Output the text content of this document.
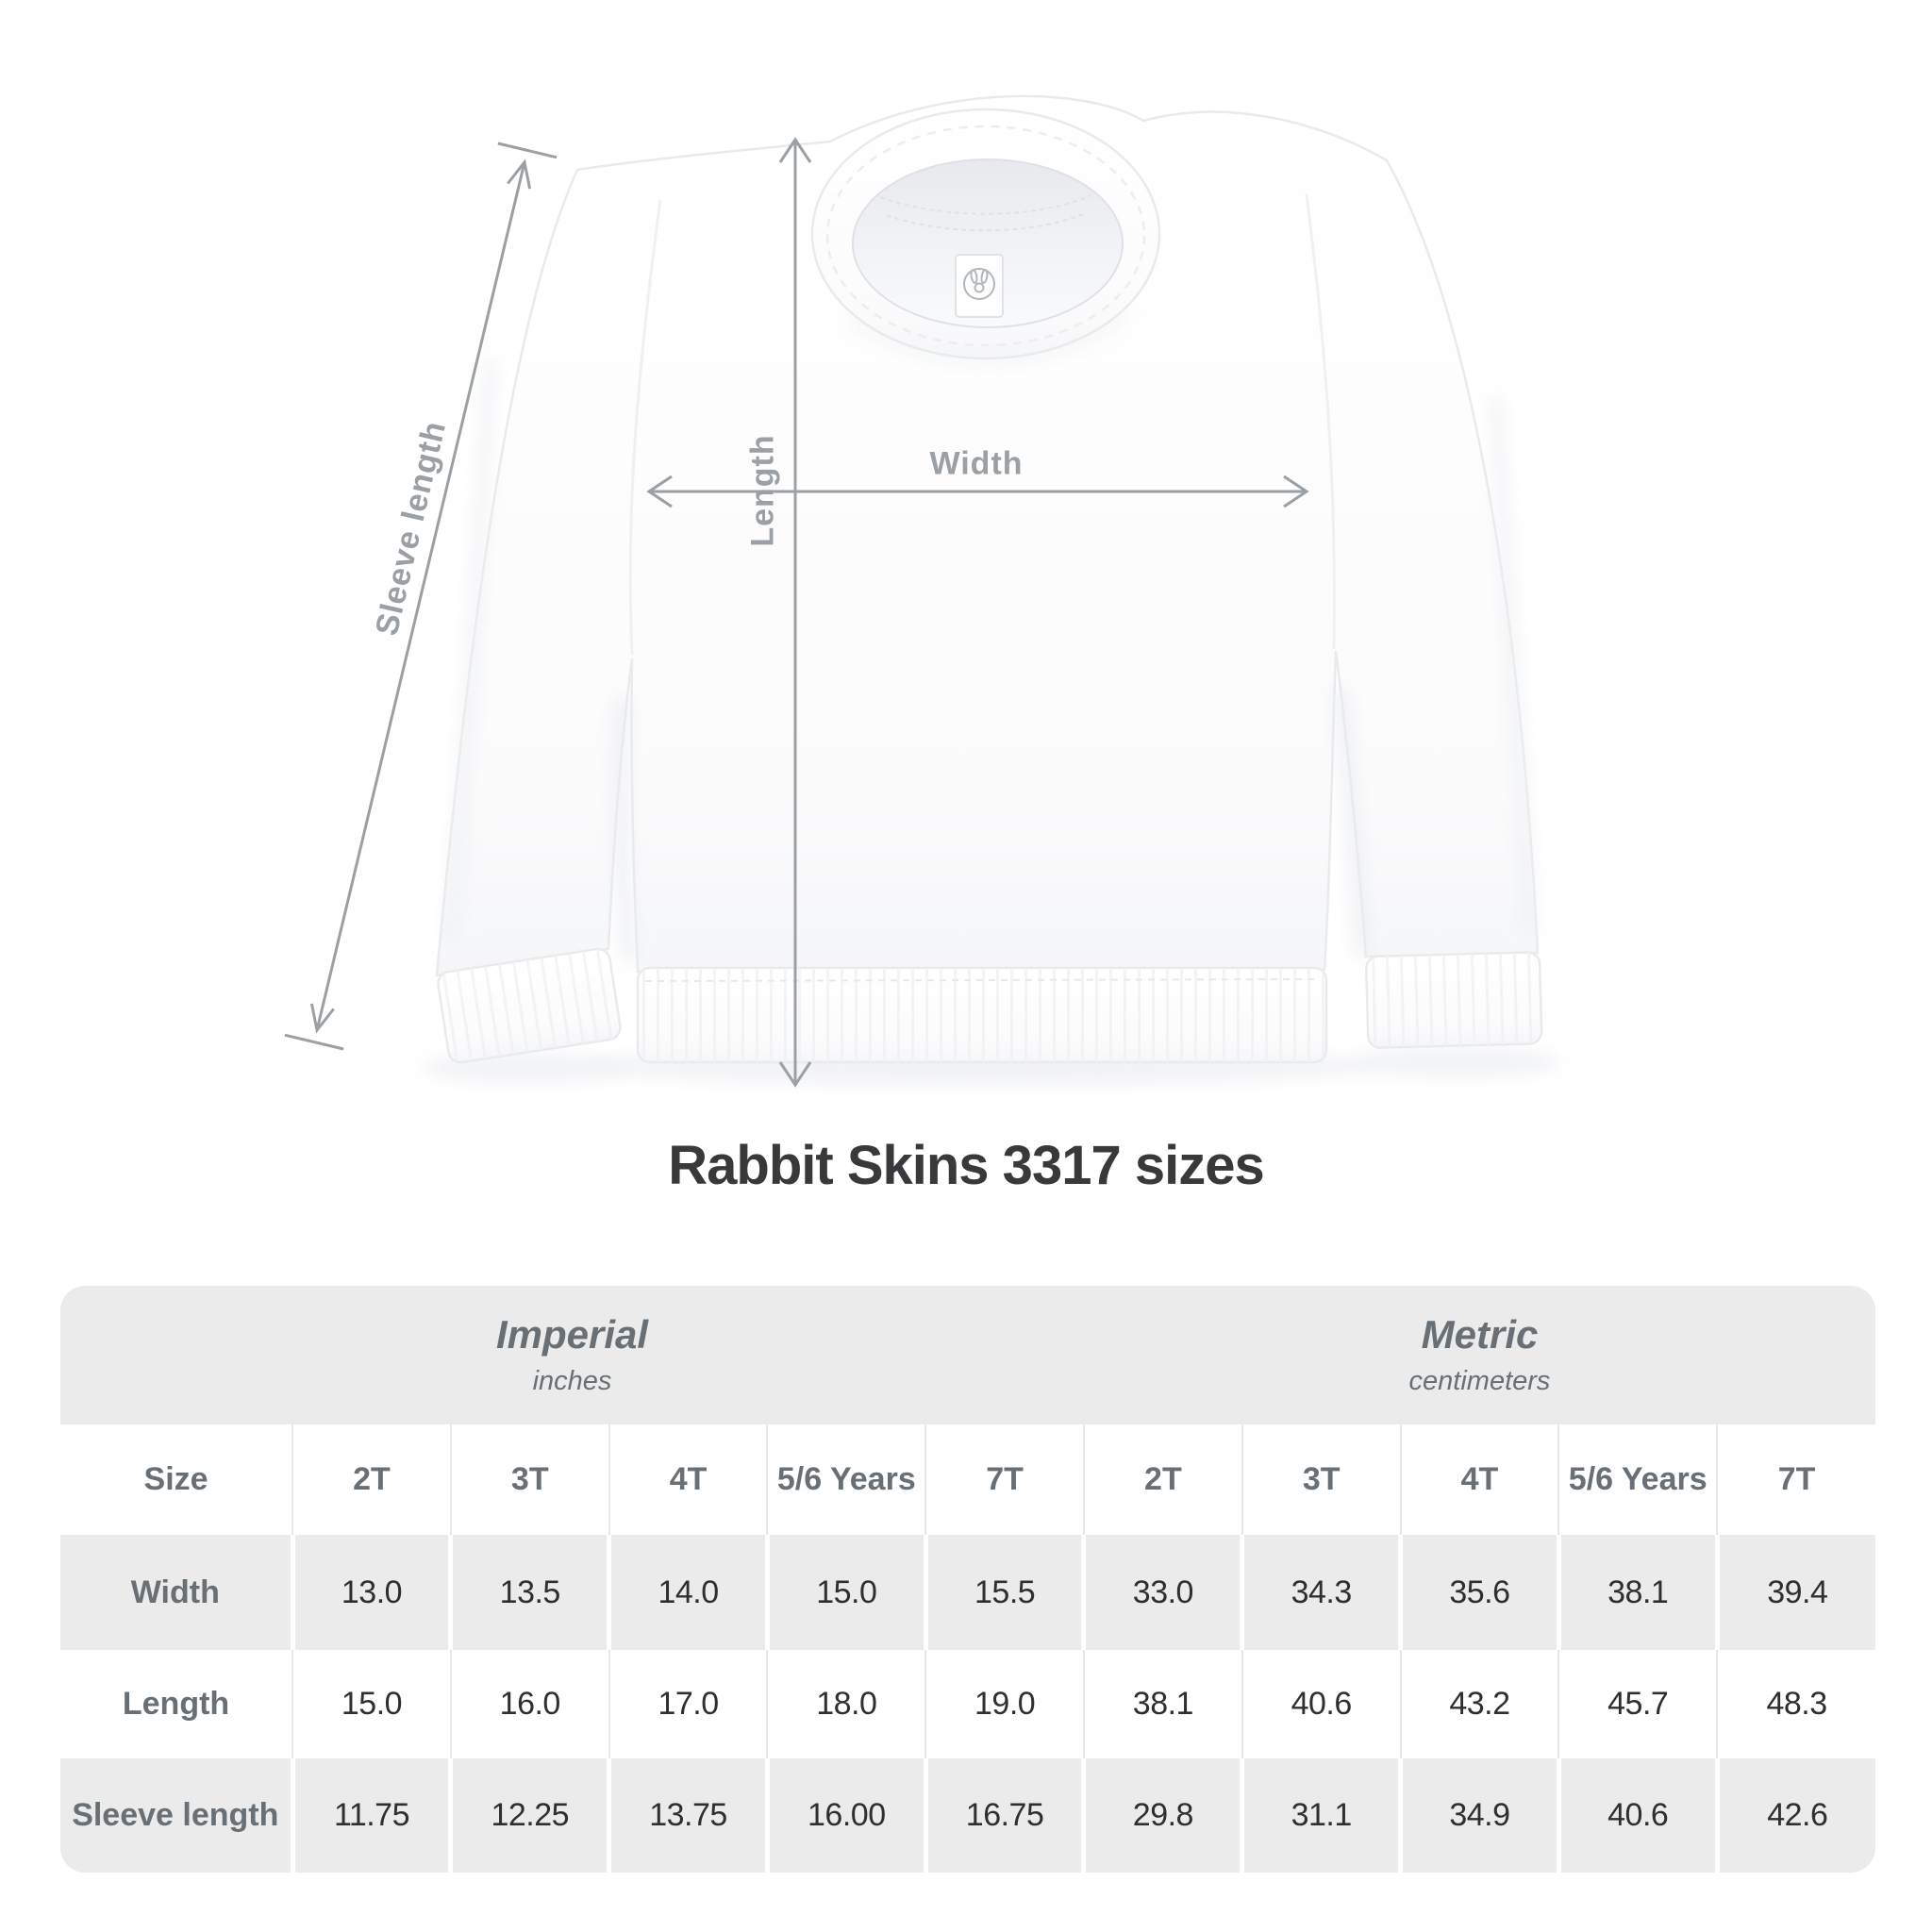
Sleeve length	Length	Width
Rabbit Skins 3317 sizes
Imperial
inches

Metric
centimeters

Size	2T	3T	4T	5/6 Years	7T	2T	3T	4T	5/6 Years	7T
Width	13.0	13.5	14.0	15.0	15.5	33.0	34.3	35.6	38.1	39.4
Length	15.0	16.0	17.0	18.0	19.0	38.1	40.6	43.2	45.7	48.3
Sleeve length	11.75	12.25	13.75	16.00	16.75	29.8	31.1	34.9	40.6	42.6
